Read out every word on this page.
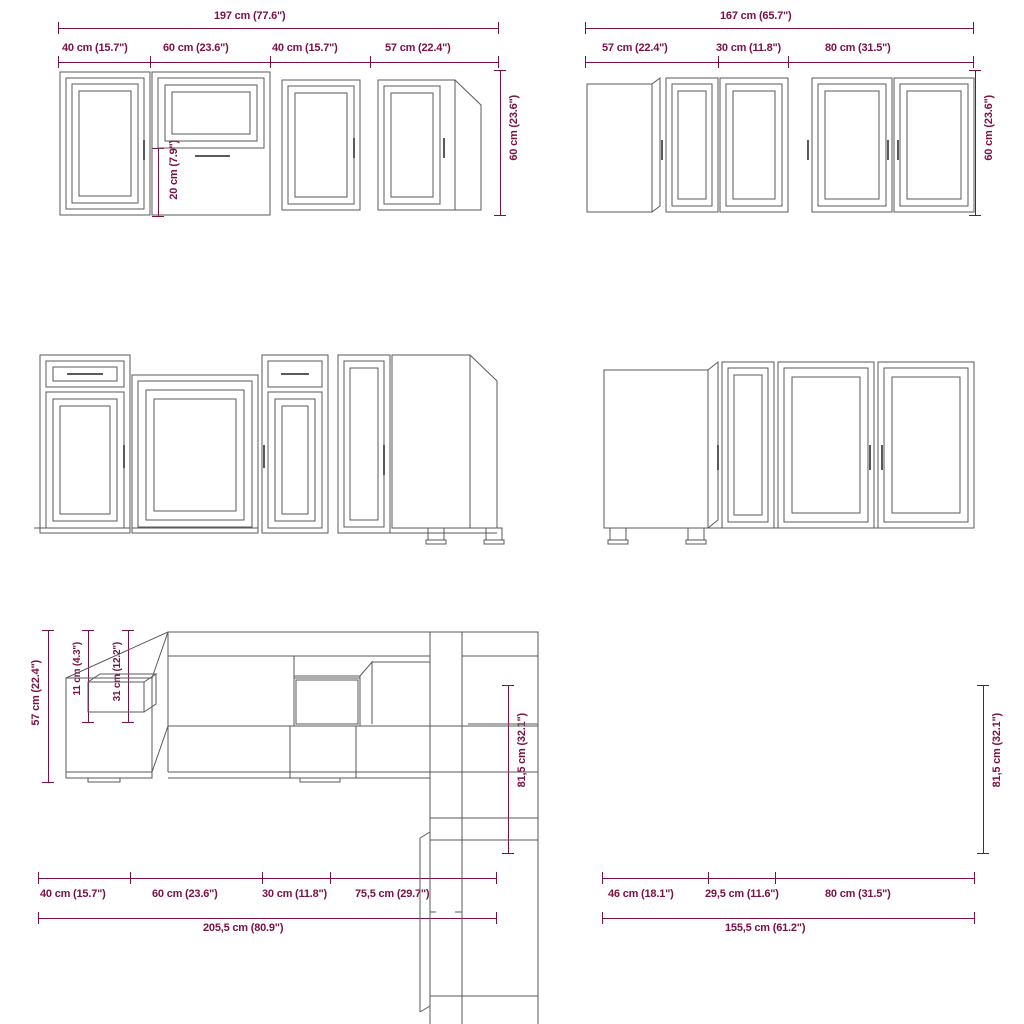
197 cm (77.6")
40 cm (15.7")	60 cm (23.6")	40 cm (15.7")	57 cm (22.4")
60 cm (23.6")
20 cm (7.9")
167 cm (65.7")
57 cm (22.4")	30 cm (11.8")	80 cm (31.5")
60 cm (23.6")
81,5 cm (32.1")
40 cm (15.7")	60 cm (23.6")	30 cm (11.8")	75,5 cm (29.7")
205,5 cm (80.9")
81,5 cm (32.1")
46 cm (18.1")	29,5 cm (11.6")	80 cm (31.5")
155,5 cm (61.2")
57 cm (22.4")	11 cm (4.3")	31 cm (12.2")
